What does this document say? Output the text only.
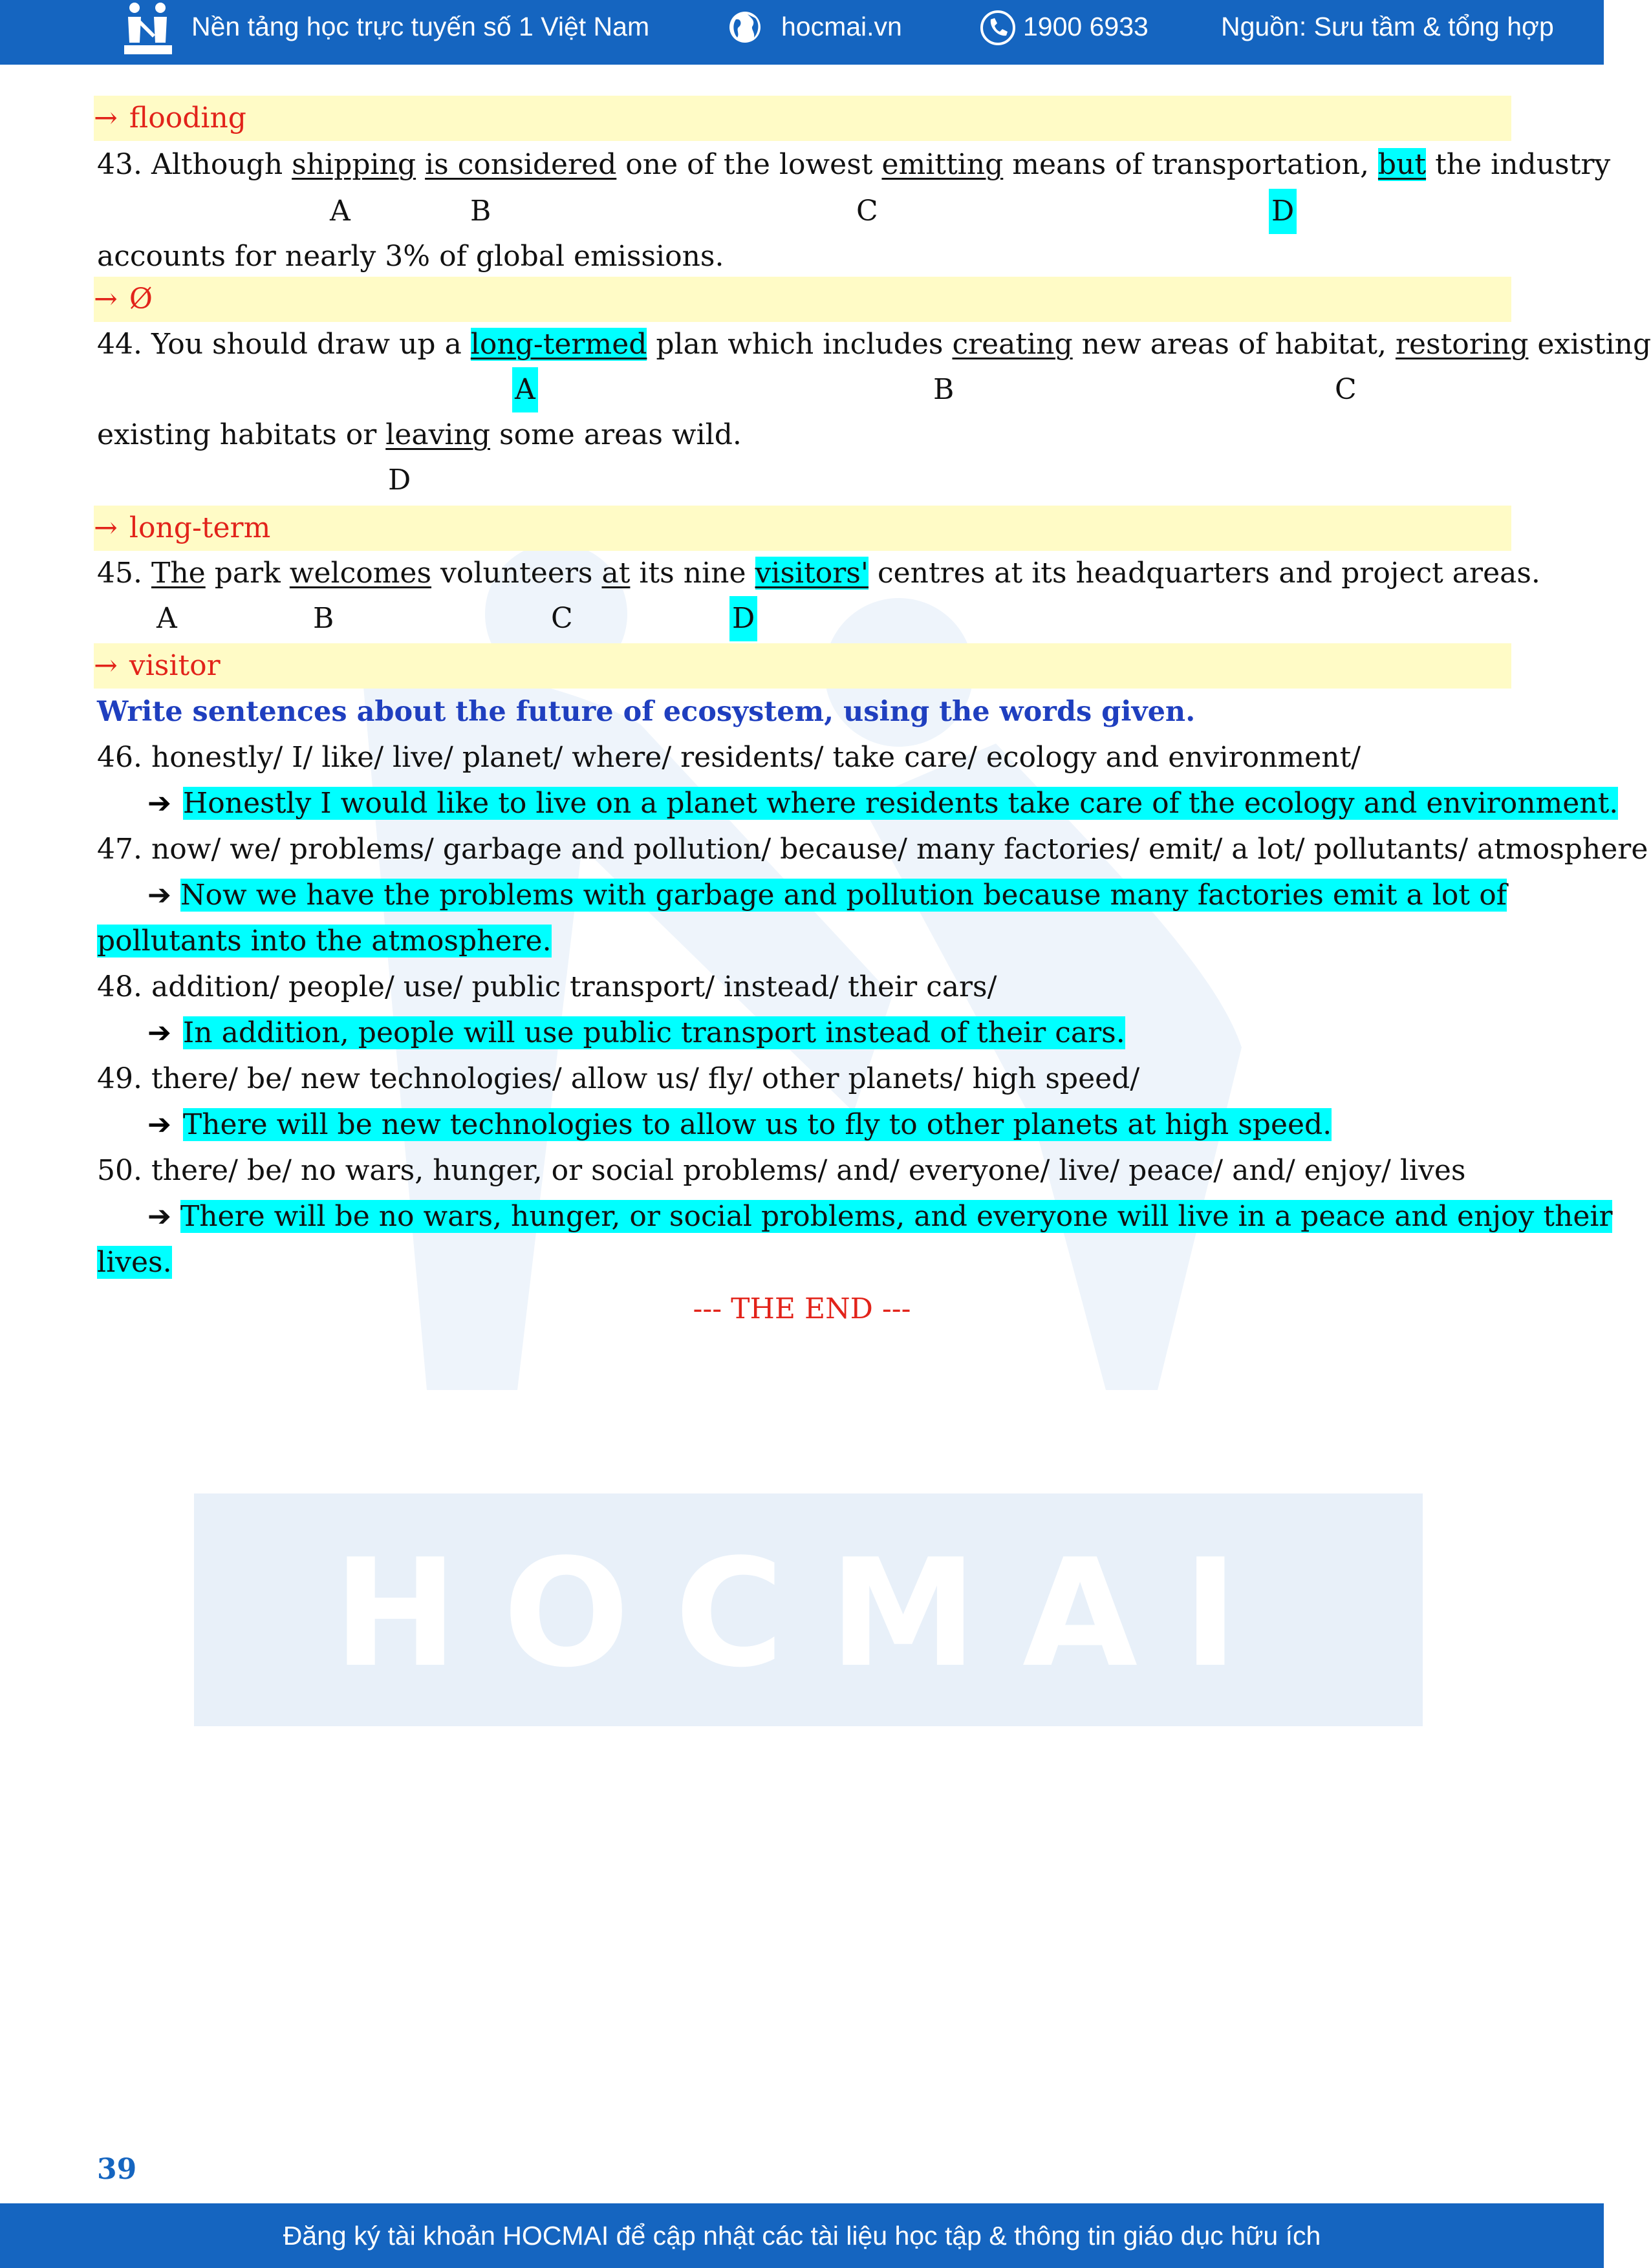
Nền tảng học trực tuyến số 1 Việt Nam	hocmai.vn	1900 6933	Nguồn: Sưu tầm & tổng hợp
HOCMAI
→ flooding
43. Although shipping is considered one of the lowest emitting means of transportation, but the industry
A	B	C	D
accounts for nearly 3% of global emissions.
→ Ø
44. You should draw up a long-termed plan which includes creating new areas of habitat, restoring existing
A	B	C
existing habitats or leaving some areas wild.
D
→ long-term
45. The park welcomes volunteers at its nine visitors' centres at its headquarters and project areas.
A	B	C	D
→ visitor
Write sentences about the future of ecosystem, using the words given.
46. honestly/ I/ like/ live/ planet/ where/ residents/ take care/ ecology and environment/
➔ Honestly I would like to live on a planet where residents take care of the ecology and environment.
47. now/ we/ problems/ garbage and pollution/ because/ many factories/ emit/ a lot/ pollutants/ atmosphere
➔ Now we have the problems with garbage and pollution because many factories emit a lot of
pollutants into the atmosphere.
48. addition/ people/ use/ public transport/ instead/ their cars/
➔ In addition, people will use public transport instead of their cars.
49. there/ be/ new technologies/ allow us/ fly/ other planets/ high speed/
➔ There will be new technologies to allow us to fly to other planets at high speed.
50. there/ be/ no wars, hunger, or social problems/ and/ everyone/ live/ peace/ and/ enjoy/ lives
➔ There will be no wars, hunger, or social problems, and everyone will live in a peace and enjoy their
lives.
--- THE END ---
39
Đăng ký tài khoản HOCMAI để cập nhật các tài liệu học tập & thông tin giáo dục hữu ích
